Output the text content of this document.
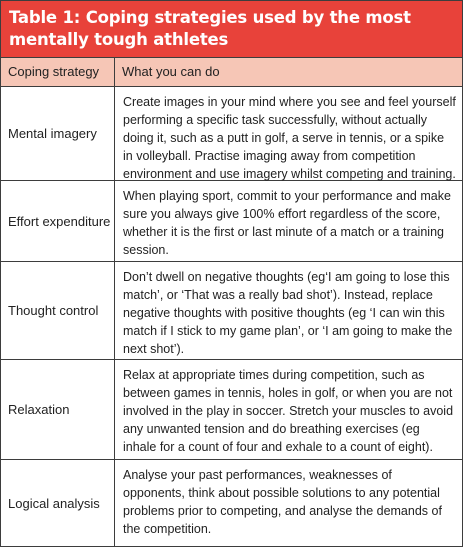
Table 1: Coping strategies used by the most mentally tough athletes
Coping strategy	What you can do
Mental imagery
Create images in your mind where you see and feel yourself performing a specific task successfully, without actually doing it, such as a putt in golf, a serve in tennis, or a spike in volleyball. Practise imaging away from competition environment and use imagery whilst competing and training.
Effort expenditure
When playing sport, commit to your performance and make sure you always give 100% effort regardless of the score, whether it is the first or last minute of a match or a training session.
Thought control
Don’t dwell on negative thoughts (eg‘I am going to lose this match’, or ‘That was a really bad shot’). Instead, replace negative thoughts with positive thoughts (eg ‘I can win this match if I stick to my game plan’, or ‘I am going to make the next shot’).
Relaxation
Relax at appropriate times during competition, such as between games in tennis, holes in golf, or when you are not involved in the play in soccer. Stretch your muscles to avoid any unwanted tension and do breathing exercises (eg inhale for a count of four and exhale to a count of eight).
Logical analysis
Analyse your past performances, weaknesses of opponents, think about possible solutions to any potential problems prior to competing, and analyse the demands of the competition.
